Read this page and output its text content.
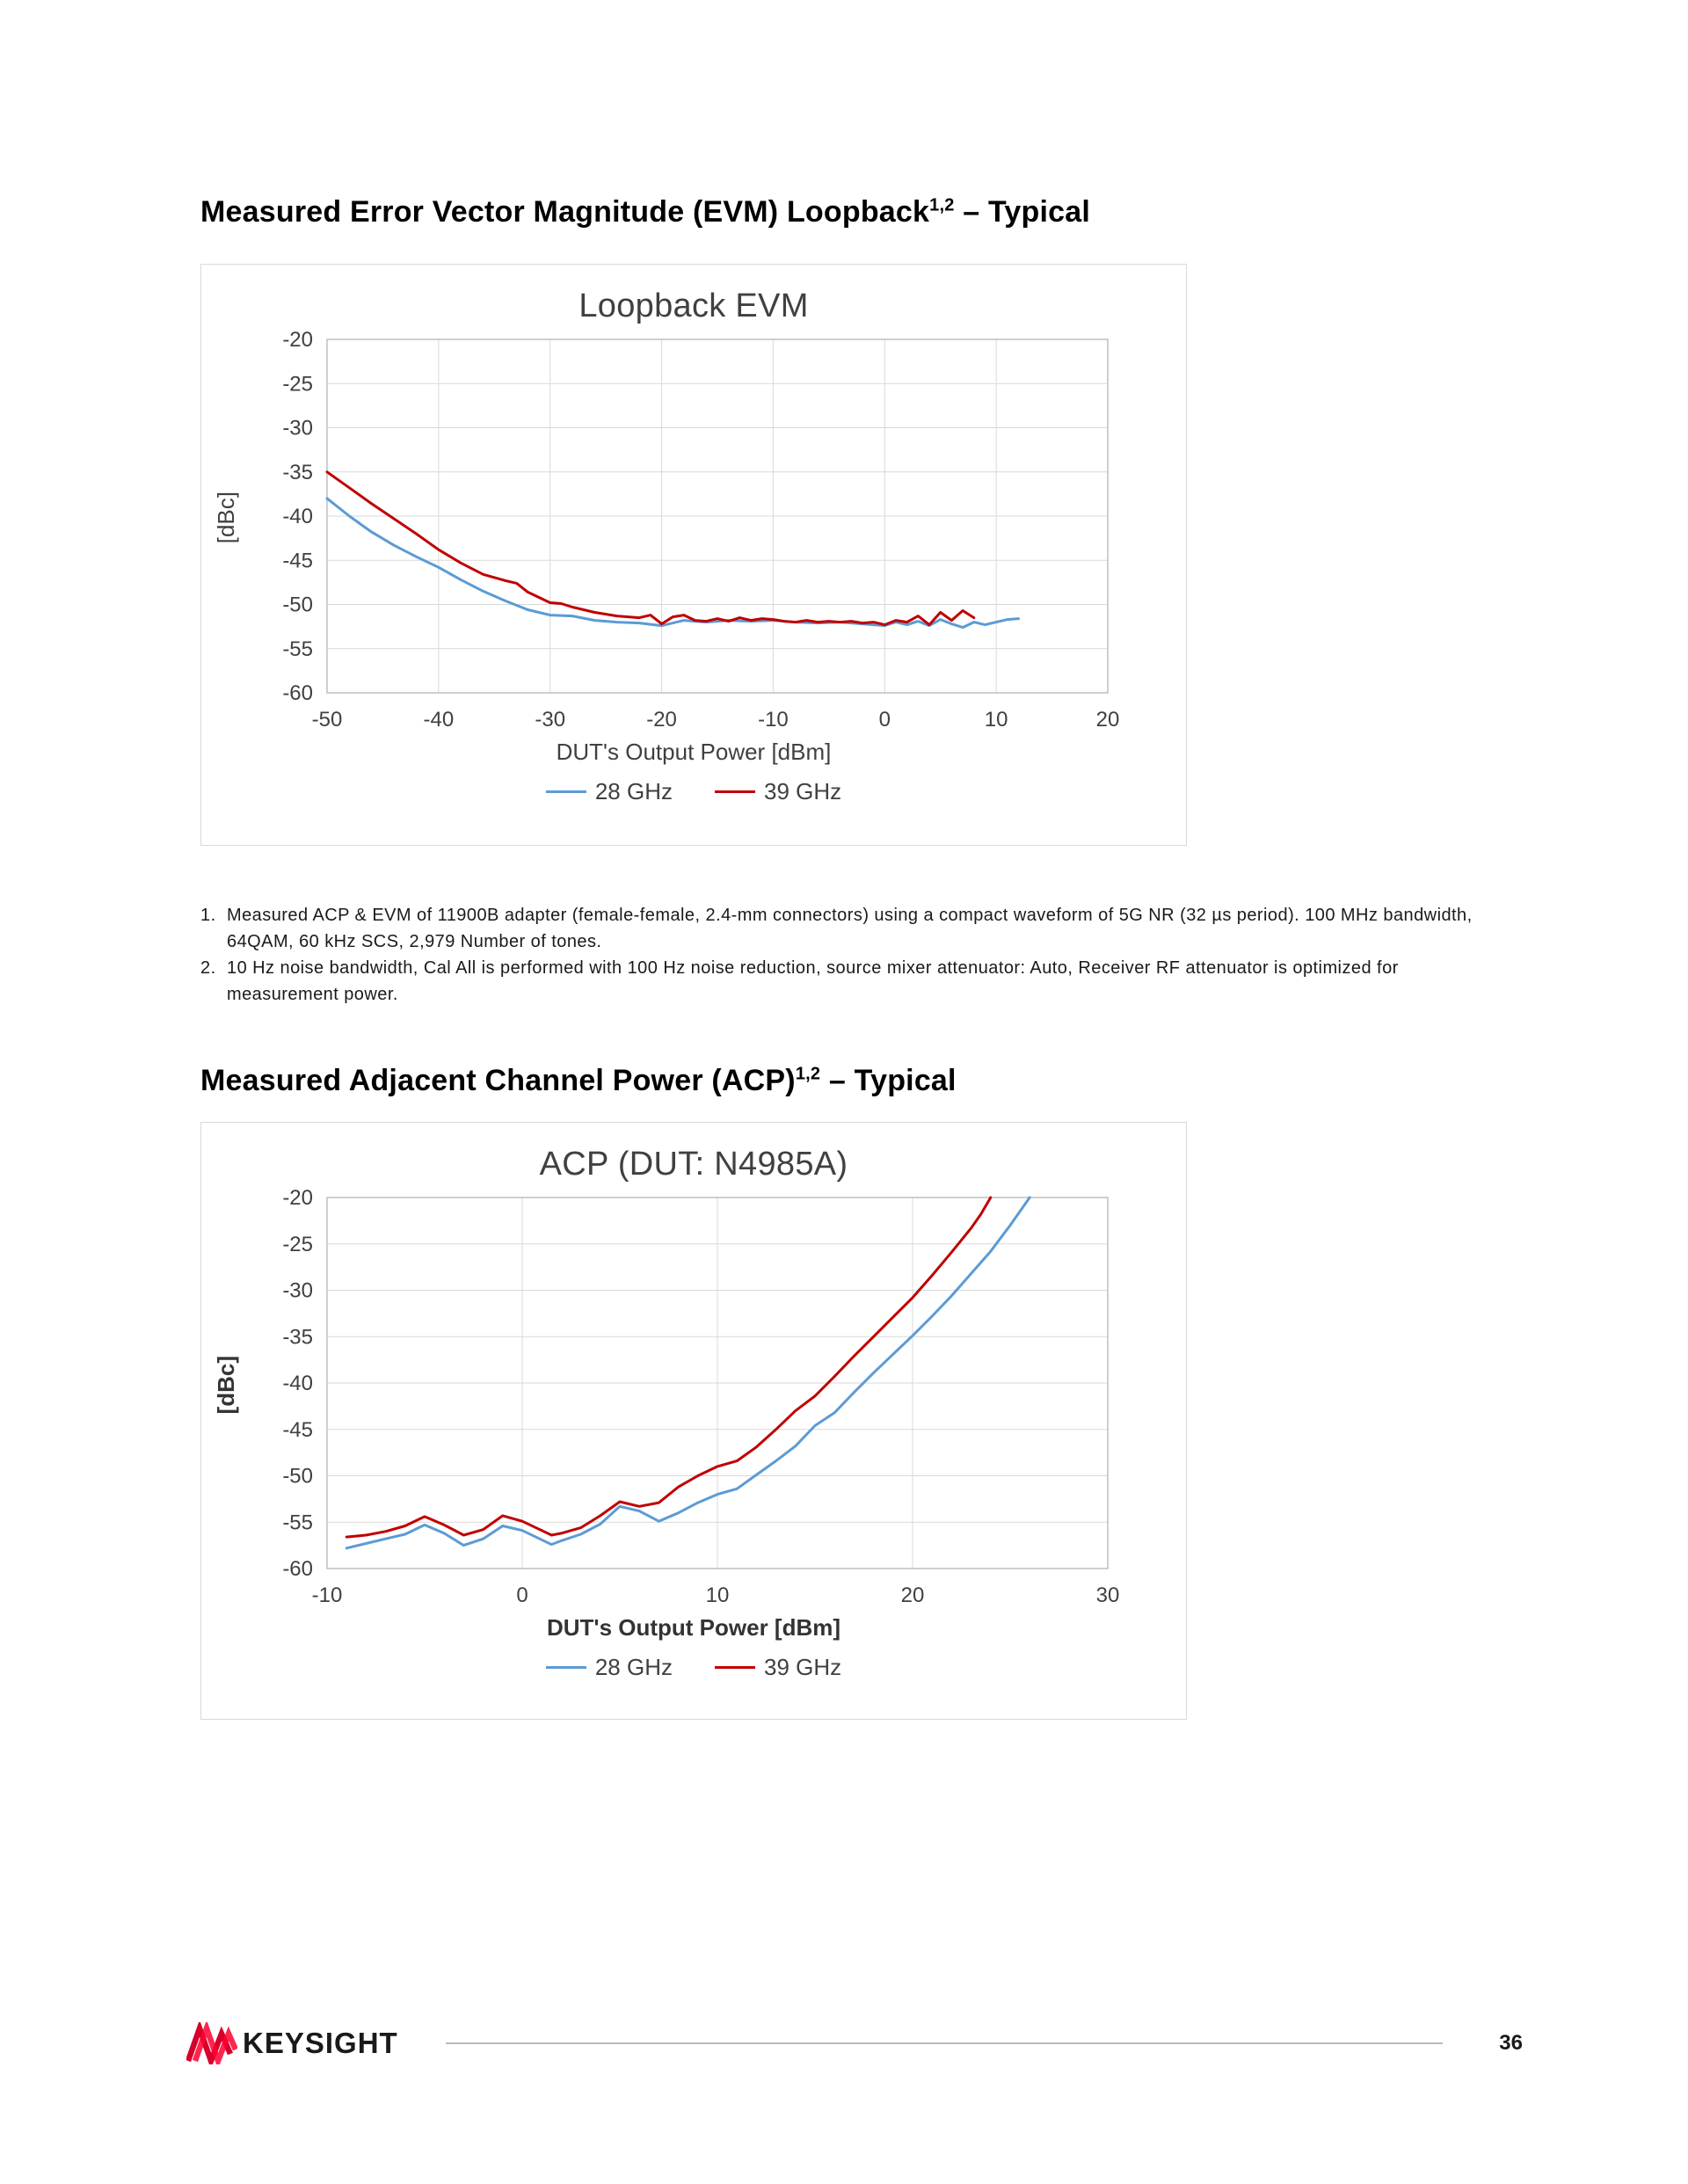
Measured Error Vector Magnitude (EVM) Loopback$^{1,2}$ – Typical
Loopback EVM
[dBc]
-20
-25
-30
-35
-40
-45
-50
-55
-60
-50	-40	-30	-20	-10	0	10	20
DUT's Output Power [dBm]
28 GHz	39 GHz
1. Measured ACP & EVM of 11900B adapter (female-female, 2.4-mm connectors) using a compact waveform of 5G NR (32 µs period). 100 MHz bandwidth, 64QAM, 60 kHz SCS, 2,979 Number of tones.
2. 10 Hz noise bandwidth, Cal All is performed with 100 Hz noise reduction, source mixer attenuator: Auto, Receiver RF attenuator is optimized for measurement power.
Measured Adjacent Channel Power (ACP)$^{1,2}$ – Typical
ACP (DUT: N4985A)
[dBc]
-20
-25
-30
-35
-40
-45
-50
-55
-60
-10	0	10	20	30
DUT's Output Power [dBm]
28 GHz	39 GHz
KEYSIGHT	36
